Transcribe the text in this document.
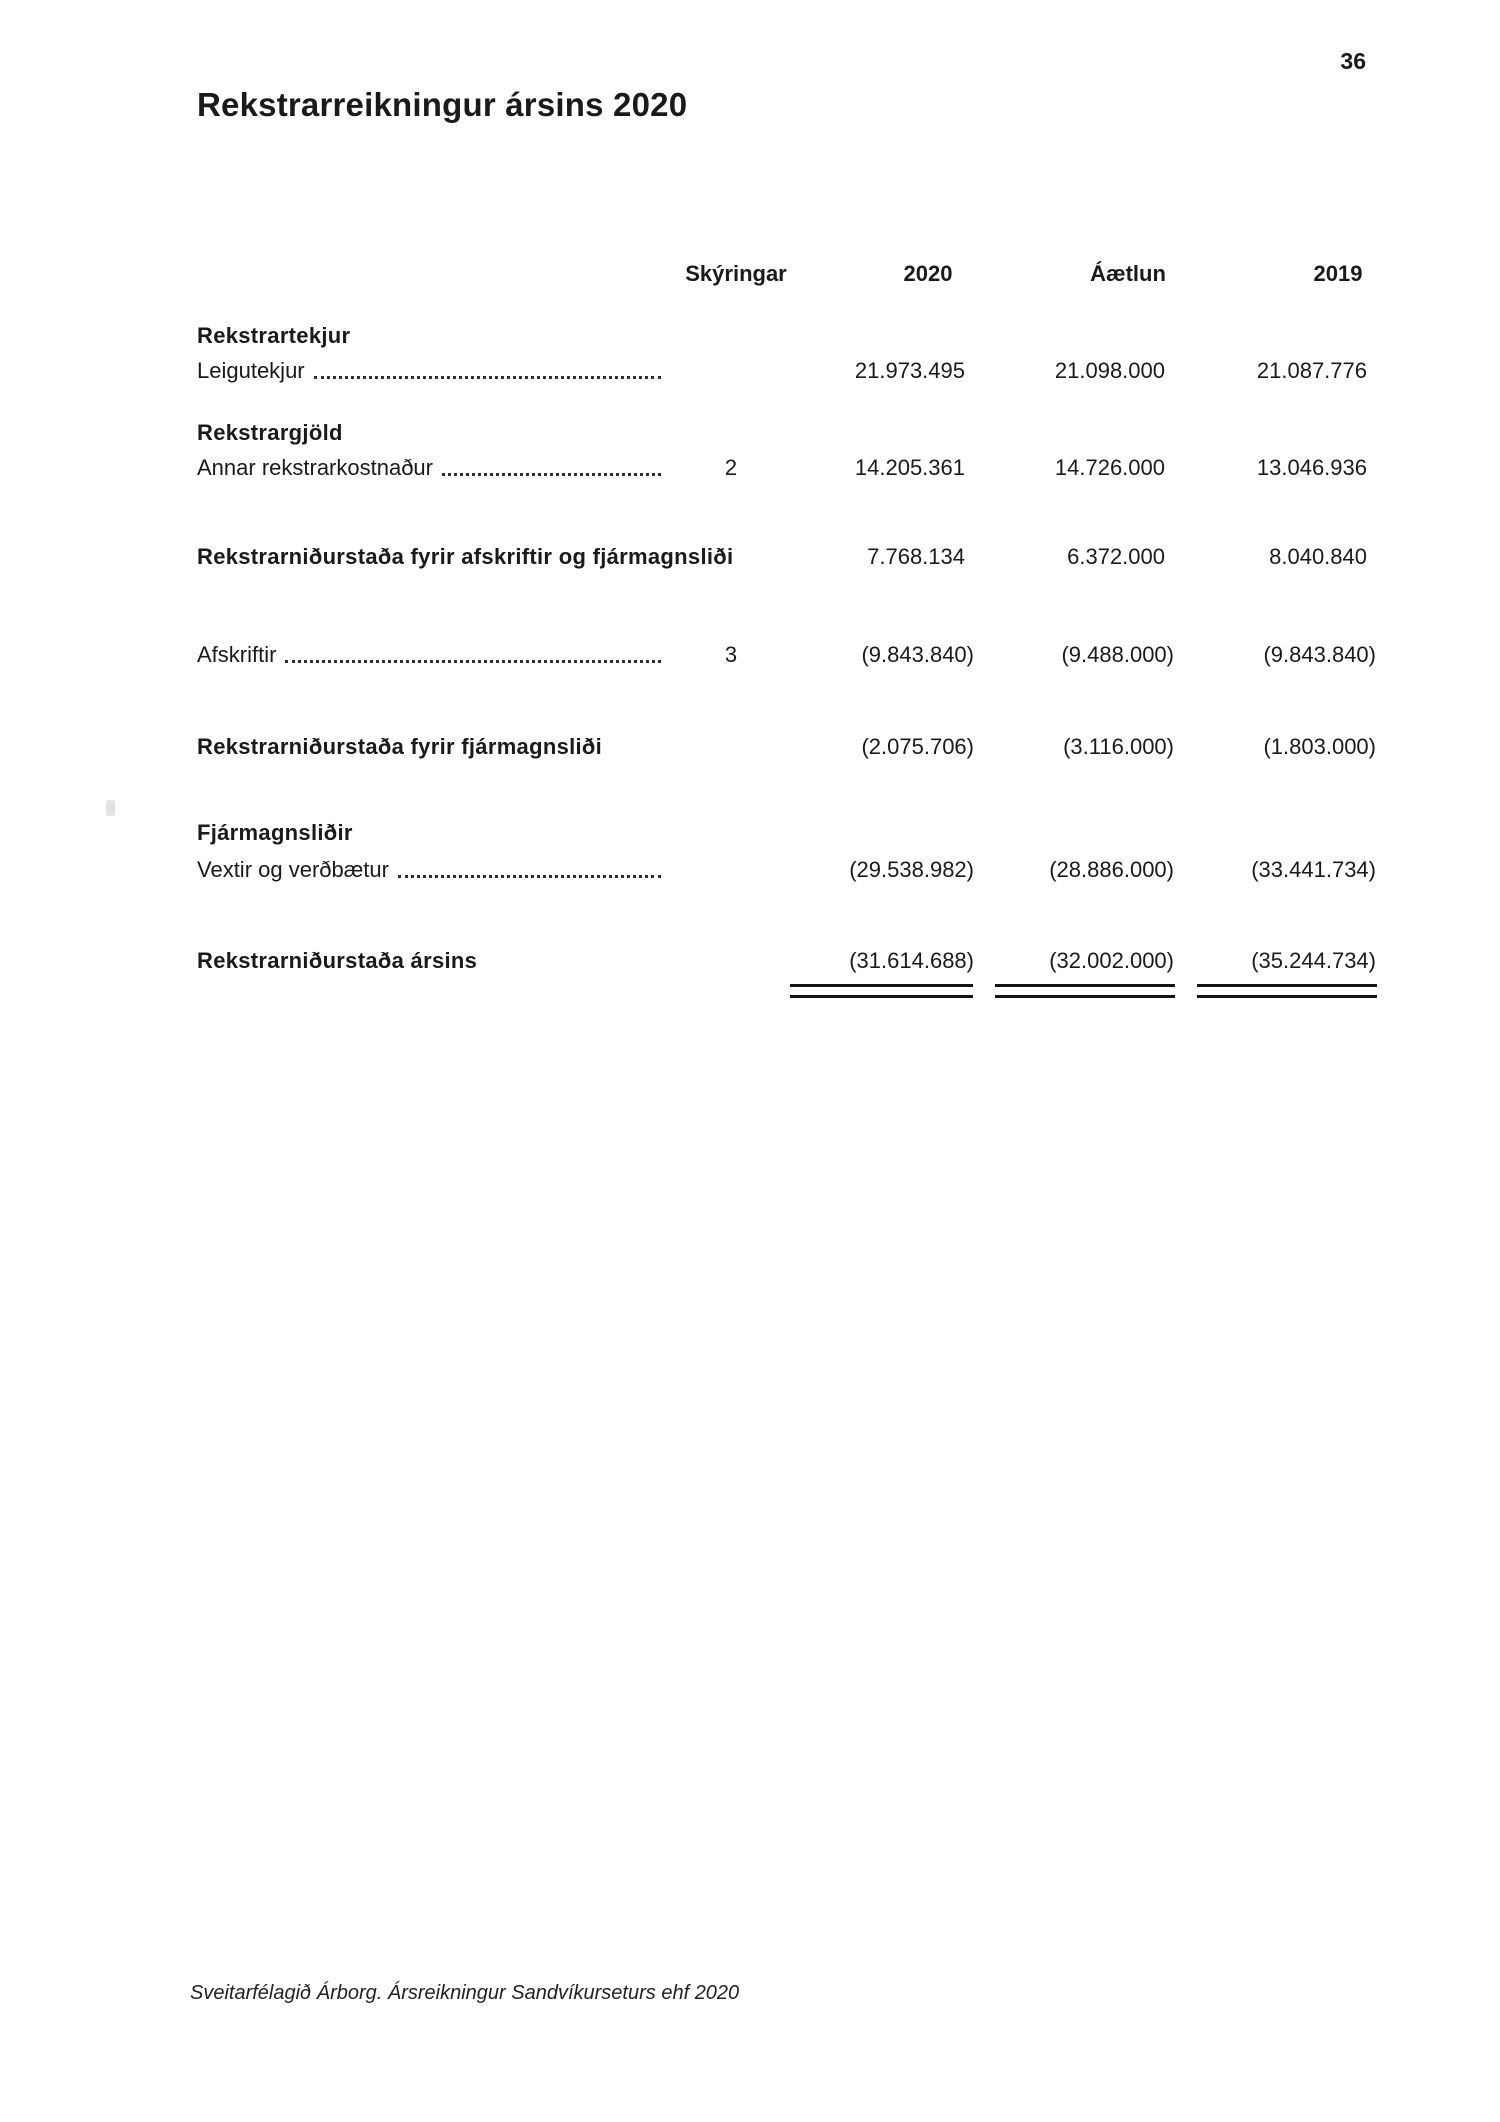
36
Rekstrarreikningur ársins 2020
Skýringar	2020	Áætlun	2019
Rekstrartekjur
Leigutekjur	21.973.495	21.098.000	21.087.776
Rekstrargjöld
Annar rekstrarkostnaður	2	14.205.361	14.726.000	13.046.936
Rekstrarniðurstaða fyrir afskriftir og fjármagnsliði	7.768.134	6.372.000	8.040.840
Afskriftir	3	(9.843.840)	(9.488.000)	(9.843.840)
Rekstrarniðurstaða fyrir fjármagnsliði	(2.075.706)	(3.116.000)	(1.803.000)
Fjármagnsliðir
Vextir og verðbætur	(29.538.982)	(28.886.000)	(33.441.734)
Rekstrarniðurstaða ársins	(31.614.688)	(32.002.000)	(35.244.734)
Sveitarfélagið Árborg. Ársreikningur Sandvíkurseturs ehf 2020
